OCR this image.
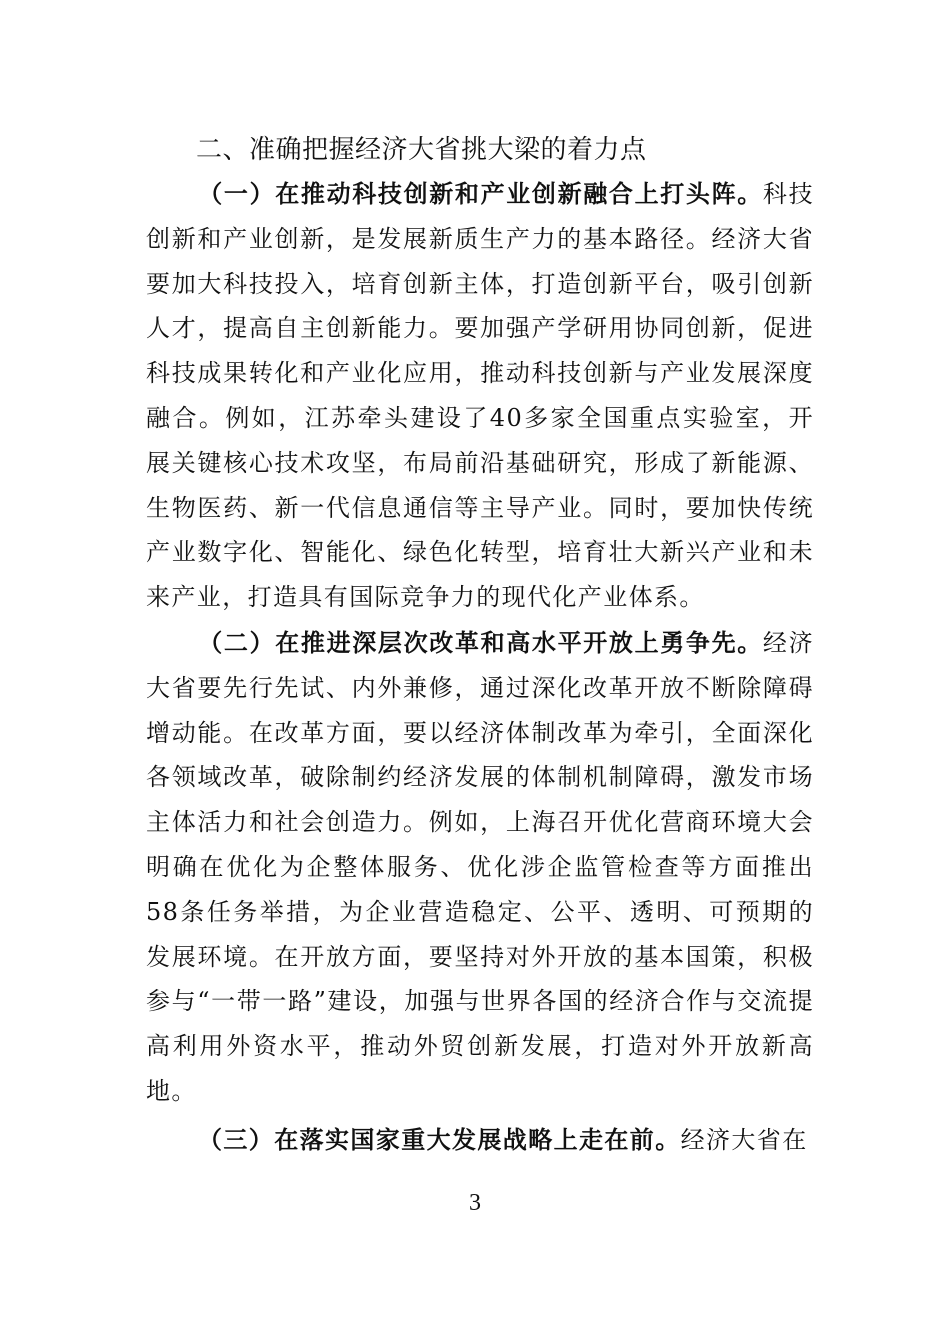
二、准确把握经济大省挑大梁的着力点

（一）在推动科技创新和产业创新融合上打头阵。科技创新和产业创新，是发展新质生产力的基本路径。经济大省要加大科技投入，培育创新主体，打造创新平台，吸引创新人才，提高自主创新能力。要加强产学研用协同创新，促进科技成果转化和产业化应用，推动科技创新与产业发展深度融合。例如，江苏牵头建设了40多家全国重点实验室，开展关键核心技术攻坚，布局前沿基础研究，形成了新能源、生物医药、新一代信息通信等主导产业。同时，要加快传统产业数字化、智能化、绿色化转型，培育壮大新兴产业和未来产业，打造具有国际竞争力的现代化产业体系。

（二）在推进深层次改革和高水平开放上勇争先。经济大省要先行先试、内外兼修，通过深化改革开放不断除障碍增动能。在改革方面，要以经济体制改革为牵引，全面深化各领域改革，破除制约经济发展的体制机制障碍，激发市场主体活力和社会创造力。例如，上海召开优化营商环境大会明确在优化为企整体服务、优化涉企监管检查等方面推出58条任务举措，为企业营造稳定、公平、透明、可预期的发展环境。在开放方面，要坚持对外开放的基本国策，积极参与“一带一路”建设，加强与世界各国的经济合作与交流提高利用外资水平，推动外贸创新发展，打造对外开放新高地。

（三）在落实国家重大发展战略上走在前。经济大省在

3
